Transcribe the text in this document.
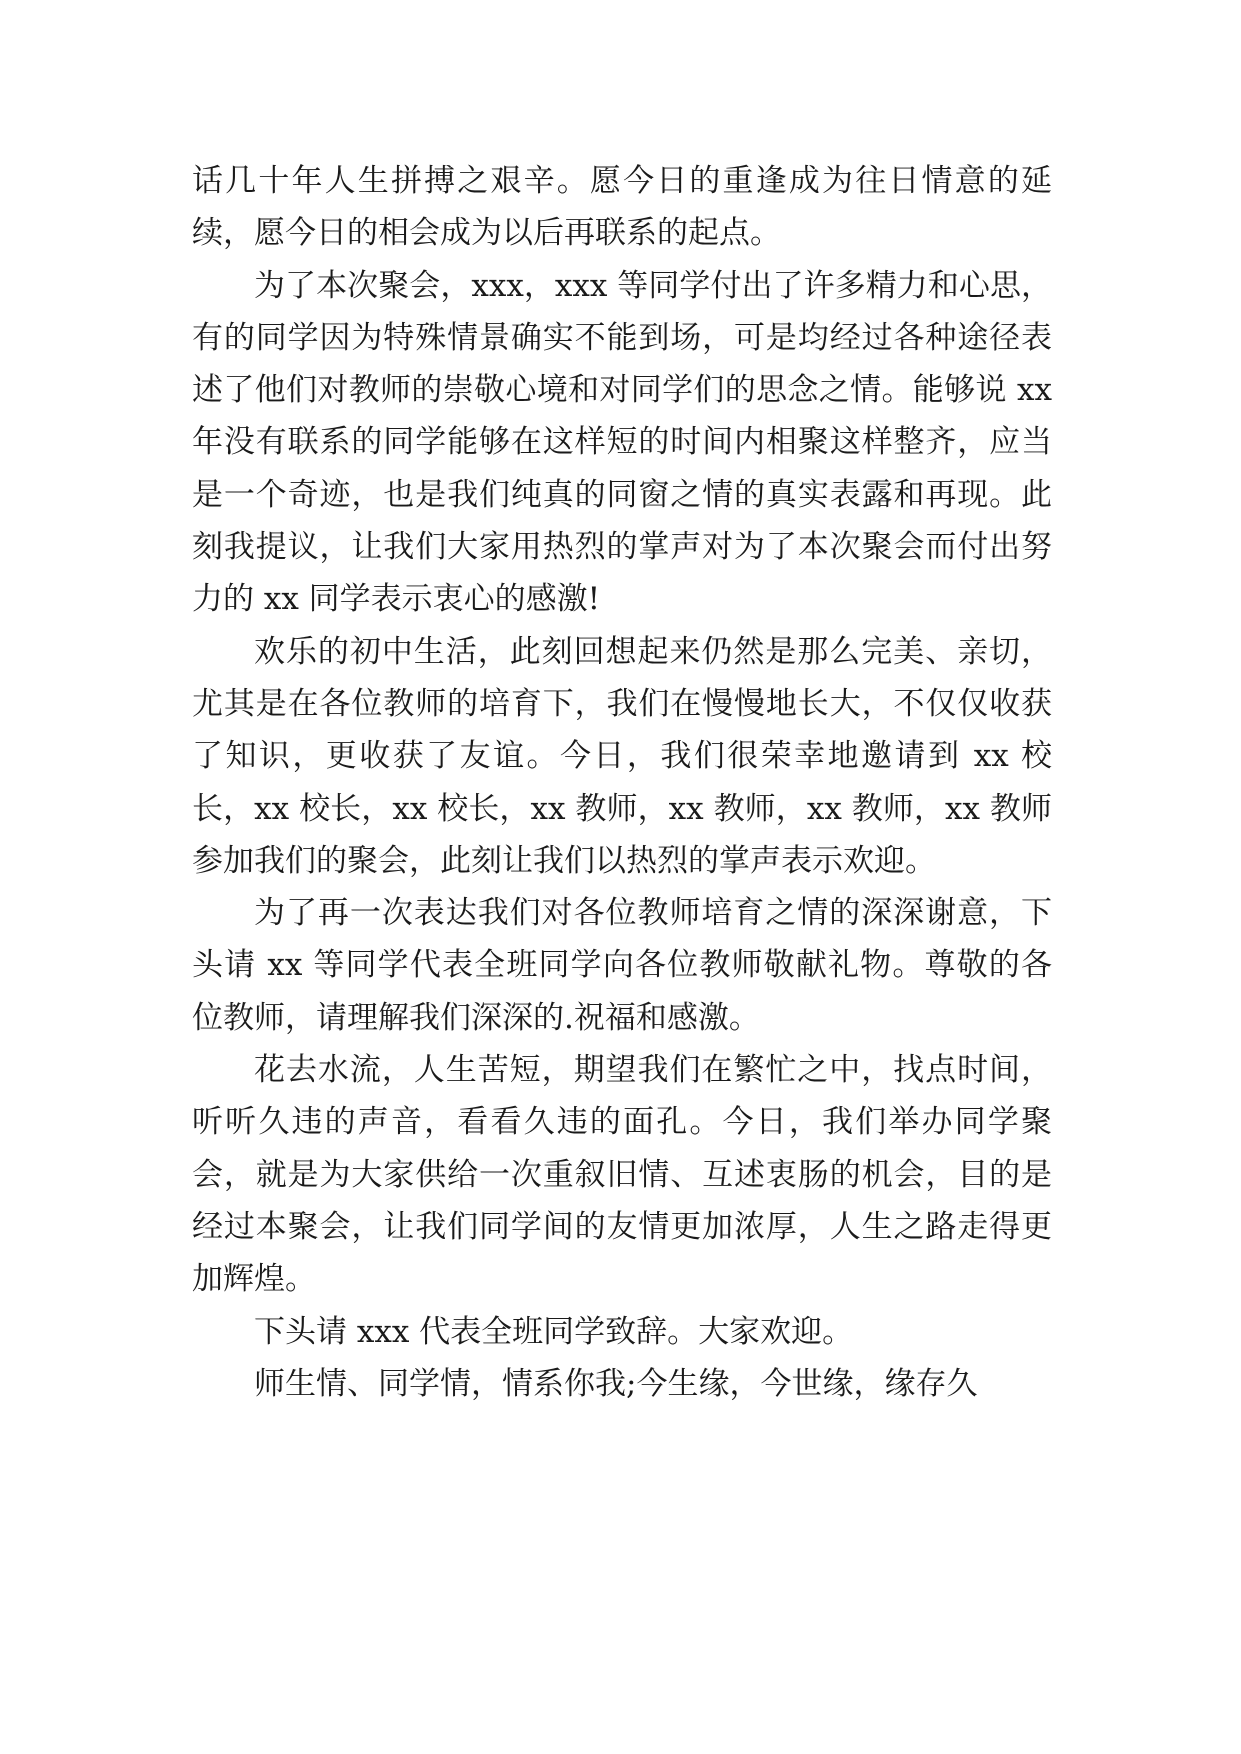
话几十年人生拼搏之艰辛。愿今日的重逢成为往日情意的延续，愿今日的相会成为以后再联系的起点。

为了本次聚会，xxx，xxx 等同学付出了许多精力和心思，有的同学因为特殊情景确实不能到场，可是均经过各种途径表述了他们对教师的崇敬心境和对同学们的思念之情。能够说 xx 年没有联系的同学能够在这样短的时间内相聚这样整齐，应当是一个奇迹，也是我们纯真的同窗之情的真实表露和再现。此刻我提议，让我们大家用热烈的掌声对为了本次聚会而付出努力的 xx 同学表示衷心的感激!

欢乐的初中生活，此刻回想起来仍然是那么完美、亲切，尤其是在各位教师的培育下，我们在慢慢地长大，不仅仅收获了知识，更收获了友谊。今日，我们很荣幸地邀请到 xx 校长，xx 校长，xx 校长，xx 教师，xx 教师，xx 教师，xx 教师参加我们的聚会，此刻让我们以热烈的掌声表示欢迎。

为了再一次表达我们对各位教师培育之情的深深谢意，下头请 xx 等同学代表全班同学向各位教师敬献礼物。尊敬的各位教师，请理解我们深深的.祝福和感激。

花去水流，人生苦短，期望我们在繁忙之中，找点时间，听听久违的声音，看看久违的面孔。今日，我们举办同学聚会，就是为大家供给一次重叙旧情、互述衷肠的机会，目的是经过本聚会，让我们同学间的友情更加浓厚，人生之路走得更加辉煌。

下头请 xxx 代表全班同学致辞。大家欢迎。

师生情、同学情，情系你我;今生缘，今世缘，缘存久
